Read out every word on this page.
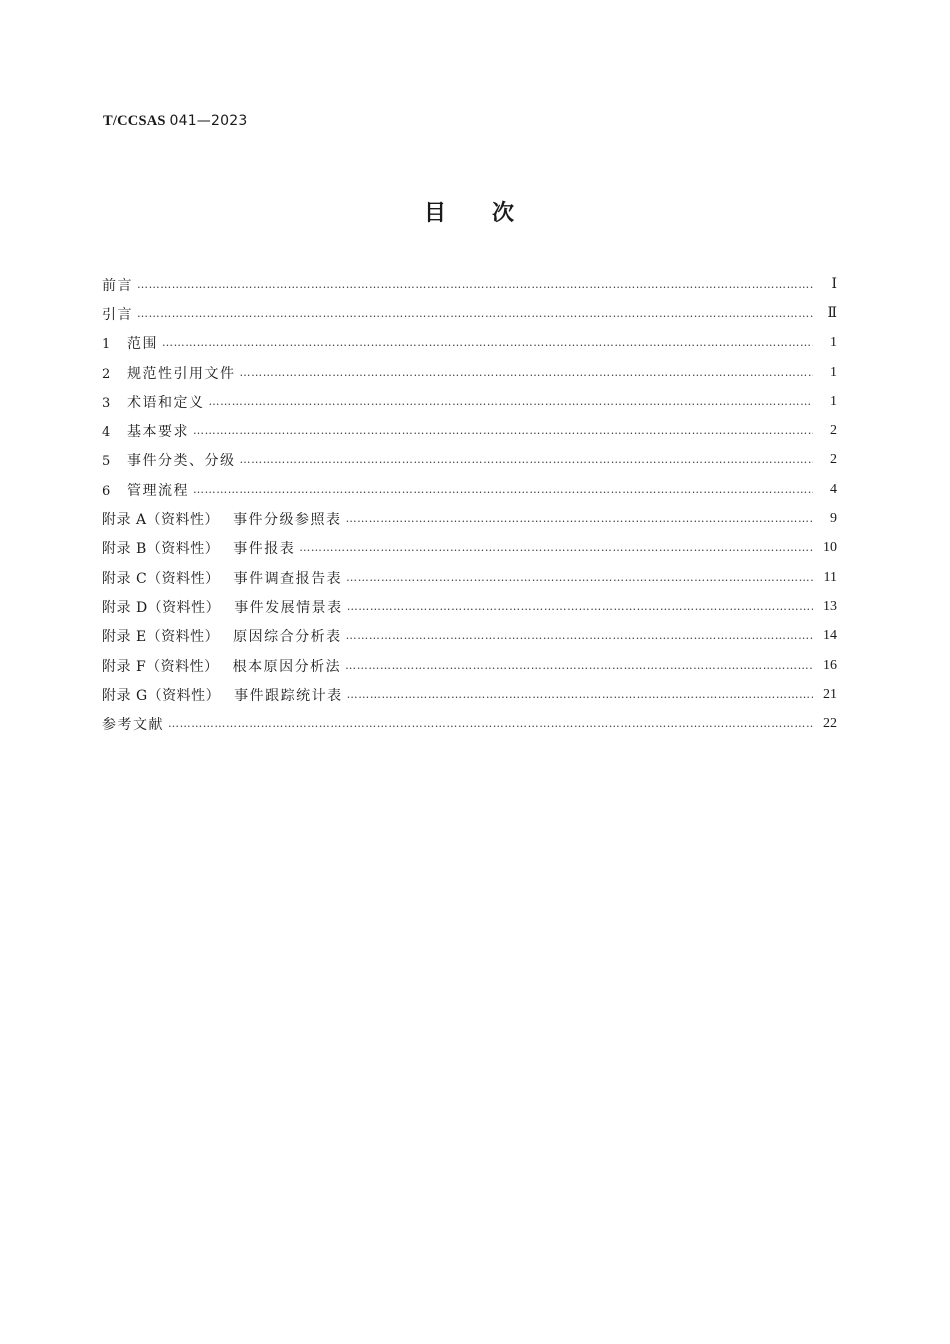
T/CCSAS 041—2023
目次
前言 ………………………………………………………………………………………………………………………………………………………………………………………………………………………………………………………	Ⅰ
引言 ………………………………………………………………………………………………………………………………………………………………………………………………………………………………………………………	Ⅱ
1 范围 ………………………………………………………………………………………………………………………………………………………………………………………………………………………………………………………	1
2 规范性引用文件 ………………………………………………………………………………………………………………………………………………………………………………………………………………………………………………………	1
3 术语和定义 ………………………………………………………………………………………………………………………………………………………………………………………………………………………………………………………	1
4 基本要求 ………………………………………………………………………………………………………………………………………………………………………………………………………………………………………………………	2
5 事件分类、分级 ………………………………………………………………………………………………………………………………………………………………………………………………………………………………………………………	2
6 管理流程 ………………………………………………………………………………………………………………………………………………………………………………………………………………………………………………………	4
附录 A（资料性） 事件分级参照表 ………………………………………………………………………………………………………………………………………………………………………………………………………………………………………………………	9
附录 B（资料性） 事件报表 ………………………………………………………………………………………………………………………………………………………………………………………………………………………………………………………	10
附录 C（资料性） 事件调查报告表 ………………………………………………………………………………………………………………………………………………………………………………………………………………………………………………………	11
附录 D（资料性） 事件发展情景表 ………………………………………………………………………………………………………………………………………………………………………………………………………………………………………………………	13
附录 E（资料性） 原因综合分析表 ………………………………………………………………………………………………………………………………………………………………………………………………………………………………………………………	14
附录 F（资料性） 根本原因分析法 ………………………………………………………………………………………………………………………………………………………………………………………………………………………………………………………	16
附录 G（资料性） 事件跟踪统计表 ………………………………………………………………………………………………………………………………………………………………………………………………………………………………………………………	21
参考文献 ………………………………………………………………………………………………………………………………………………………………………………………………………………………………………………………	22
